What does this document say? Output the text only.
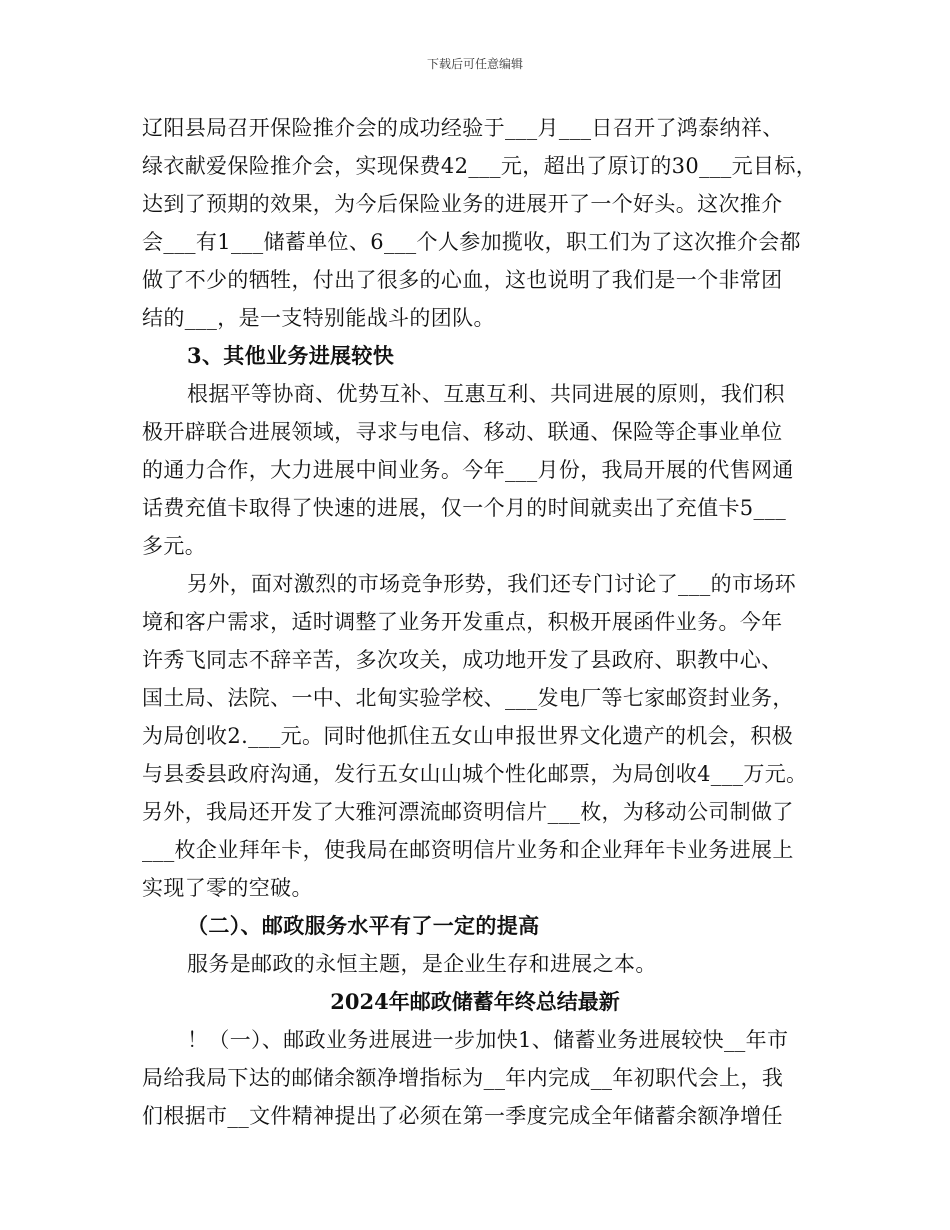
下载后可任意编辑
辽阳县局召开保险推介会的成功经验于___月___日召开了鸿泰纳祥、
绿衣献爱保险推介会，实现保费42___元，超出了原订的30___元目标，
达到了预期的效果，为今后保险业务的进展开了一个好头。这次推介
会___有1___储蓄单位、6___个人参加揽收，职工们为了这次推介会都
做了不少的牺牲，付出了很多的心血，这也说明了我们是一个非常团
结的___，是一支特别能战斗的团队。
3、其他业务进展较快
根据平等协商、优势互补、互惠互利、共同进展的原则，我们积
极开辟联合进展领域，寻求与电信、移动、联通、保险等企事业单位
的通力合作，大力进展中间业务。今年___月份，我局开展的代售网通
话费充值卡取得了快速的进展，仅一个月的时间就卖出了充值卡5___
多元。
另外，面对激烈的市场竞争形势，我们还专门讨论了___的市场环
境和客户需求，适时调整了业务开发重点，积极开展函件业务。今年
许秀飞同志不辞辛苦，多次攻关，成功地开发了县政府、职教中心、
国土局、法院、一中、北甸实验学校、___发电厂等七家邮资封业务，
为局创收2.___元。同时他抓住五女山申报世界文化遗产的机会，积极
与县委县政府沟通，发行五女山山城个性化邮票，为局创收4___万元。
另外，我局还开发了大雅河漂流邮资明信片___枚，为移动公司制做了
___枚企业拜年卡，使我局在邮资明信片业务和企业拜年卡业务进展上
实现了零的空破。
（二）、邮政服务水平有了一定的提高
服务是邮政的永恒主题，是企业生存和进展之本。
2024年邮政储蓄年终总结最新
！（一）、邮政业务进展进一步加快1、储蓄业务进展较快__年市
局给我局下达的邮储余额净增指标为__年内完成__年初职代会上，我
们根据市__文件精神提出了必须在第一季度完成全年储蓄余额净增任
